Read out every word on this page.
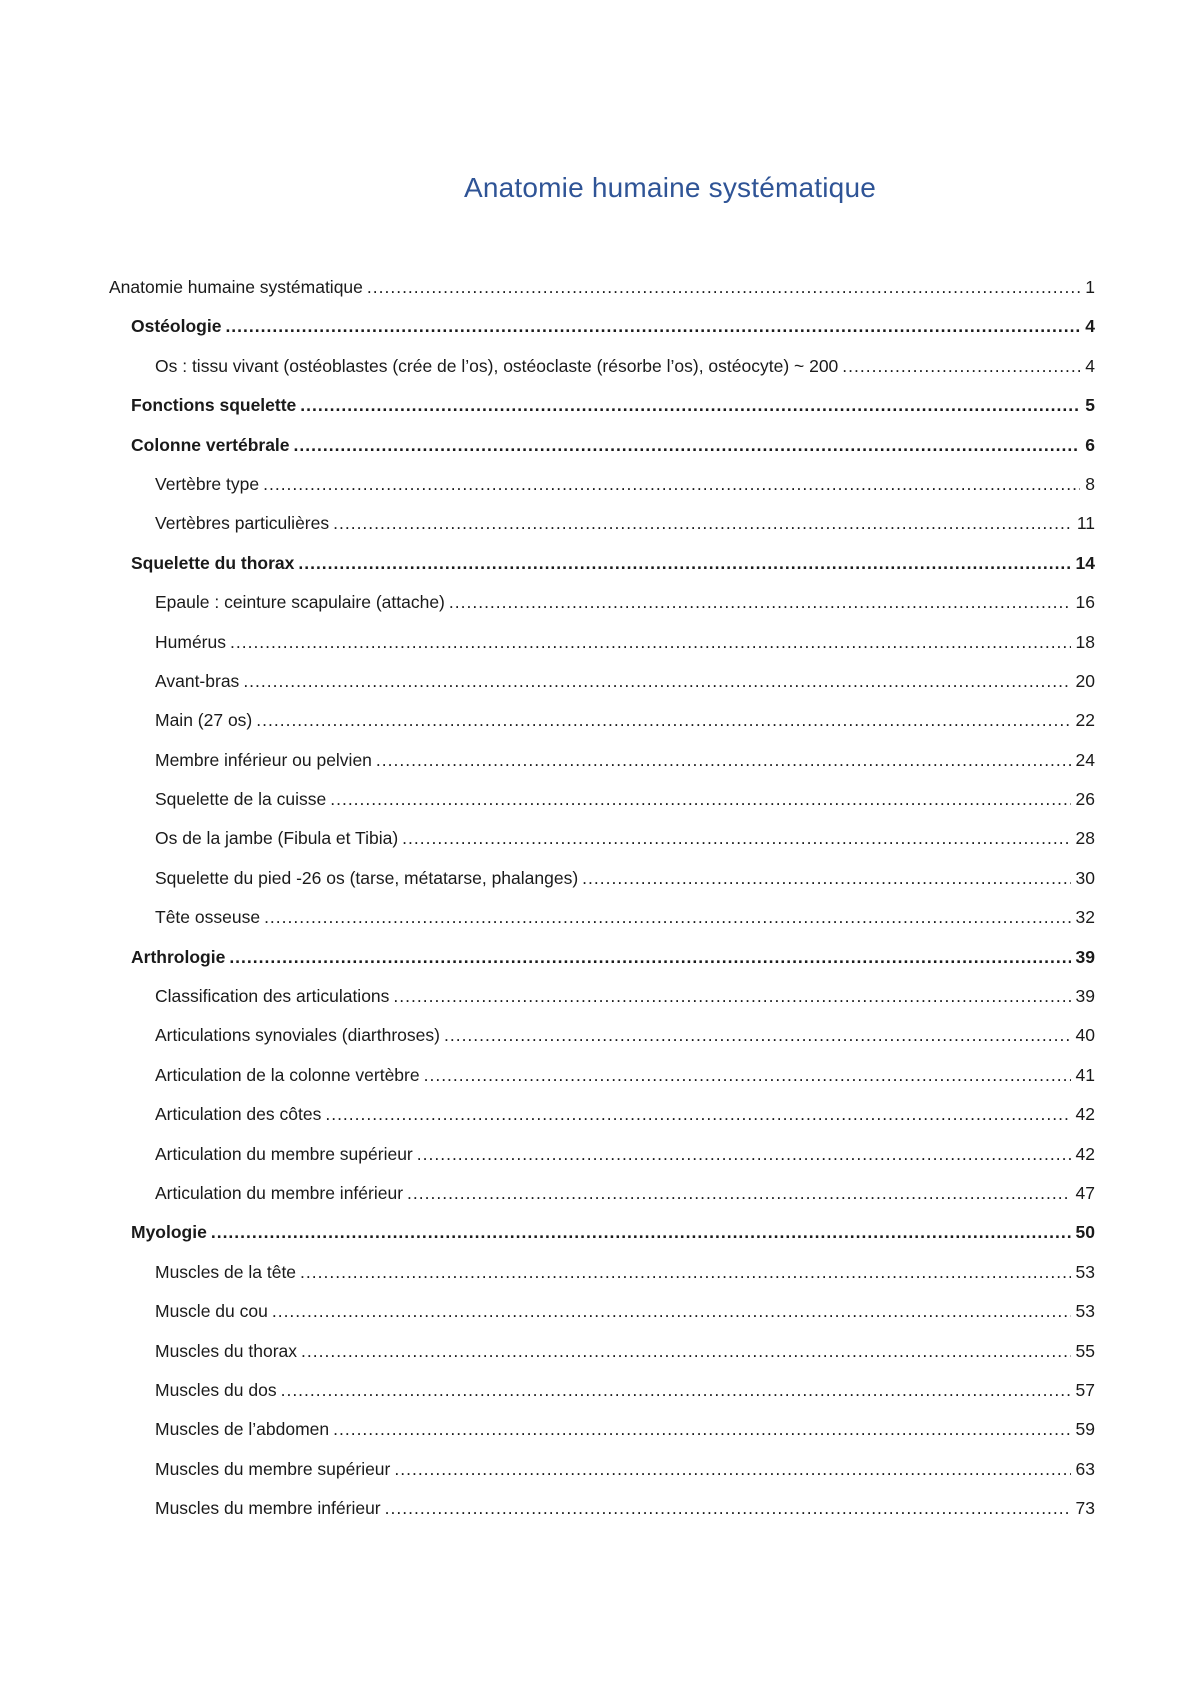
Anatomie humaine systématique
Anatomie humaine systématique .....	1
Ostéologie .....	4
Os : tissu vivant (ostéoblastes (crée de l’os), ostéoclaste (résorbe l’os), ostéocyte) ~ 200 .....	4
Fonctions squelette .....	5
Colonne vertébrale .....	6
Vertèbre type .....	8
Vertèbres particulières .....	11
Squelette du thorax .....	14
Epaule : ceinture scapulaire (attache) .....	16
Humérus .....	18
Avant-bras .....	20
Main (27 os) .....	22
Membre inférieur ou pelvien .....	24
Squelette de la cuisse .....	26
Os de la jambe (Fibula et Tibia) .....	28
Squelette du pied -26 os (tarse, métatarse, phalanges) .....	30
Tête osseuse .....	32
Arthrologie .....	39
Classification des articulations .....	39
Articulations synoviales (diarthroses) .....	40
Articulation de la colonne vertèbre .....	41
Articulation des côtes .....	42
Articulation du membre supérieur .....	42
Articulation du membre inférieur .....	47
Myologie .....	50
Muscles de la tête .....	53
Muscle du cou .....	53
Muscles du thorax .....	55
Muscles du dos .....	57
Muscles de l’abdomen .....	59
Muscles du membre supérieur .....	63
Muscles du membre inférieur .....	73
